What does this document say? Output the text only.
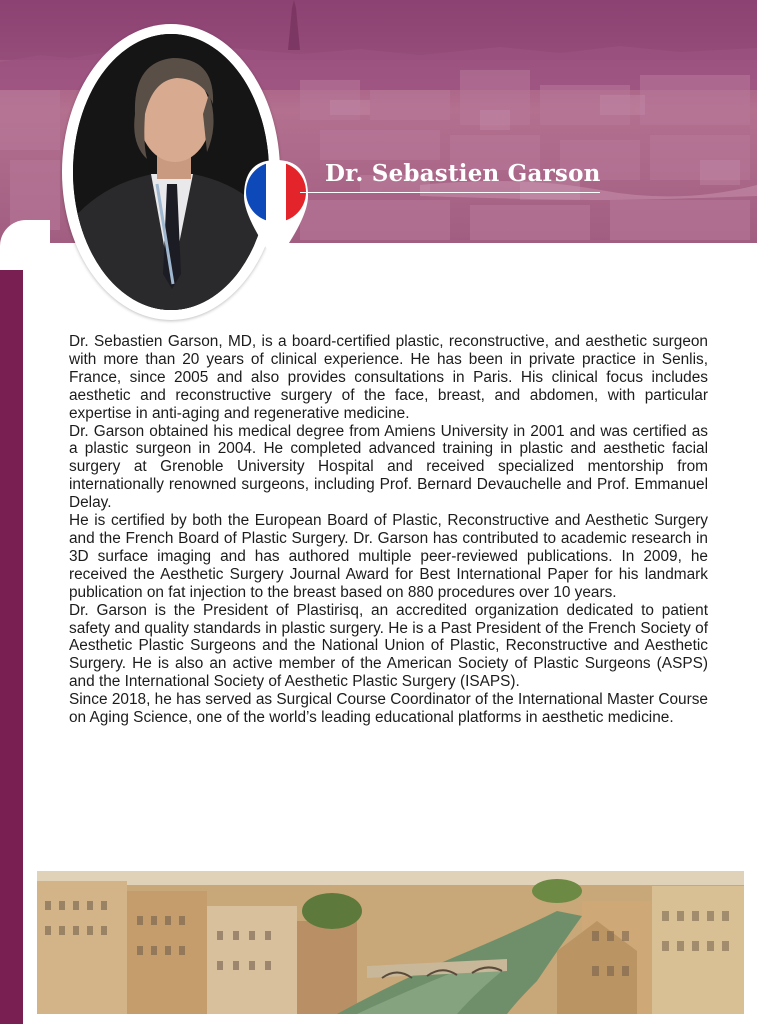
Dr. Sebastien Garson

Dr. Sebastien Garson, MD, is a board-certified plastic, reconstructive, and aesthetic surgeon with more than 20 years of clinical experience. He has been in private practice in Senlis, France, since 2005 and also provides consultations in Paris. His clinical focus includes aesthetic and reconstructive surgery of the face, breast, and abdomen, with particular expertise in anti-aging and regenerative medicine.

Dr. Garson obtained his medical degree from Amiens University in 2001 and was certified as a plastic surgeon in 2004. He completed advanced training in plastic and aesthetic facial surgery at Grenoble University Hospital and received specialized mentorship from internationally renowned surgeons, including Prof. Bernard Devauchelle and Prof. Emmanuel Delay.

He is certified by both the European Board of Plastic, Reconstructive and Aesthetic Surgery and the French Board of Plastic Surgery. Dr. Garson has contributed to academic research in 3D surface imaging and has authored multiple peer-reviewed publications. In 2009, he received the Aesthetic Surgery Journal Award for Best International Paper for his landmark publication on fat injection to the breast based on 880 procedures over 10 years.

Dr. Garson is the President of Plastirisq, an accredited organization dedicated to patient safety and quality standards in plastic surgery. He is a Past President of the French Society of Aesthetic Plastic Surgeons and the National Union of Plastic, Reconstructive and Aesthetic Surgery. He is also an active member of the American Society of Plastic Surgeons (ASPS) and the International Society of Aesthetic Plastic Surgery (ISAPS).

Since 2018, he has served as Surgical Course Coordinator of the International Master Course on Aging Science, one of the world’s leading educational platforms in aesthetic medicine.
